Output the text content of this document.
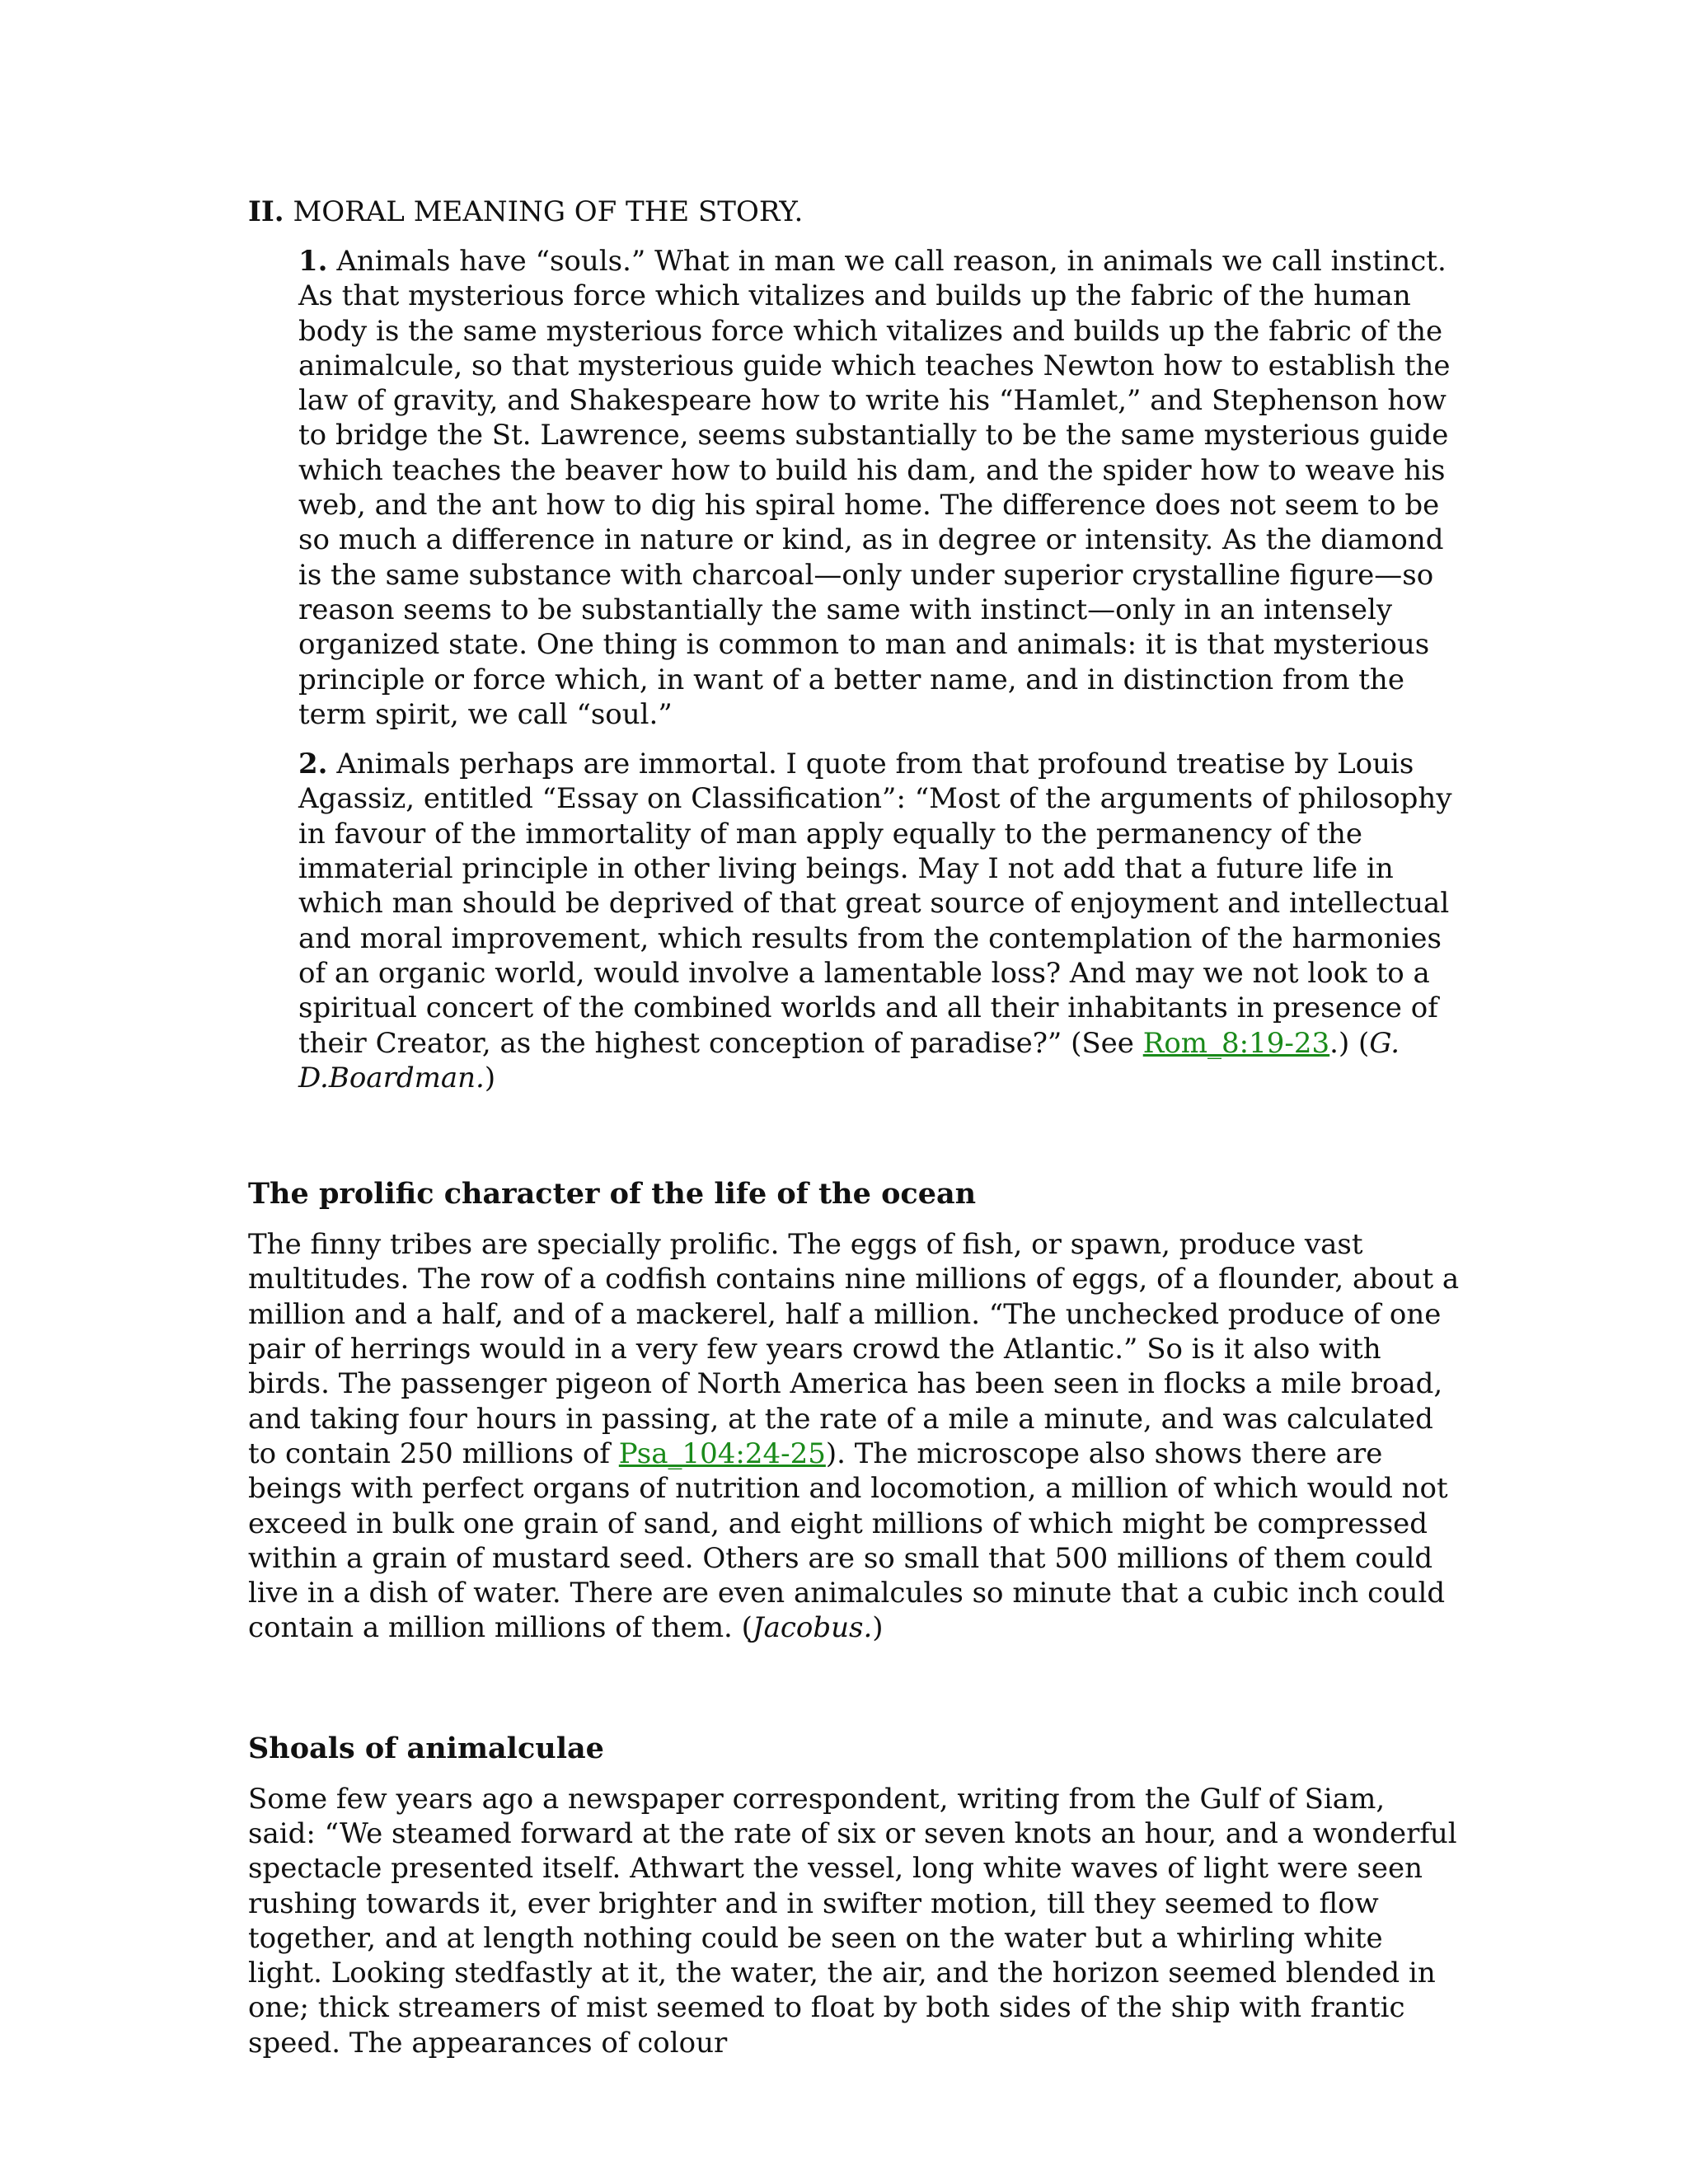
II. MORAL MEANING OF THE STORY.

1. Animals have “souls.” What in man we call reason, in animals we call instinct. As that mysterious force which vitalizes and builds up the fabric of the human body is the same mysterious force which vitalizes and builds up the fabric of the animalcule, so that mysterious guide which teaches Newton how to establish the law of gravity, and Shakespeare how to write his “Hamlet,” and Stephenson how to bridge the St. Lawrence, seems substantially to be the same mysterious guide which teaches the beaver how to build his dam, and the spider how to weave his web, and the ant how to dig his spiral home. The difference does not seem to be so much a difference in nature or kind, as in degree or intensity. As the diamond is the same substance with charcoal—only under superior crystalline figure—so reason seems to be substantially the same with instinct—only in an intensely organized state. One thing is common to man and animals: it is that mysterious principle or force which, in want of a better name, and in distinction from the term spirit, we call “soul.”

2. Animals perhaps are immortal. I quote from that profound treatise by Louis Agassiz, entitled “Essay on Classification”: “Most of the arguments of philosophy in favour of the immortality of man apply equally to the permanency of the immaterial principle in other living beings. May I not add that a future life in which man should be deprived of that great source of enjoyment and intellectual and moral improvement, which results from the contemplation of the harmonies of an organic world, would involve a lamentable loss? And may we not look to a spiritual concert of the combined worlds and all their inhabitants in presence of their Creator, as the highest conception of paradise?” (See Rom_8:19-23.) (G. D.Boardman.)

The prolific character of the life of the ocean

The finny tribes are specially prolific. The eggs of fish, or spawn, produce vast multitudes. The row of a codfish contains nine millions of eggs, of a flounder, about a million and a half, and of a mackerel, half a million. “The unchecked produce of one pair of herrings would in a very few years crowd the Atlantic.” So is it also with birds. The passenger pigeon of North America has been seen in flocks a mile broad, and taking four hours in passing, at the rate of a mile a minute, and was calculated to contain 250 millions of Psa_104:24-25). The microscope also shows there are beings with perfect organs of nutrition and locomotion, a million of which would not exceed in bulk one grain of sand, and eight millions of which might be compressed within a grain of mustard seed. Others are so small that 500 millions of them could live in a dish of water. There are even animalcules so minute that a cubic inch could contain a million millions of them. (Jacobus.)

Shoals of animalculae

Some few years ago a newspaper correspondent, writing from the Gulf of Siam, said: “We steamed forward at the rate of six or seven knots an hour, and a wonderful spectacle presented itself. Athwart the vessel, long white waves of light were seen rushing towards it, ever brighter and in swifter motion, till they seemed to flow together, and at length nothing could be seen on the water but a whirling white light. Looking stedfastly at it, the water, the air, and the horizon seemed blended in one; thick streamers of mist seemed to float by both sides of the ship with frantic speed. The appearances of colour
